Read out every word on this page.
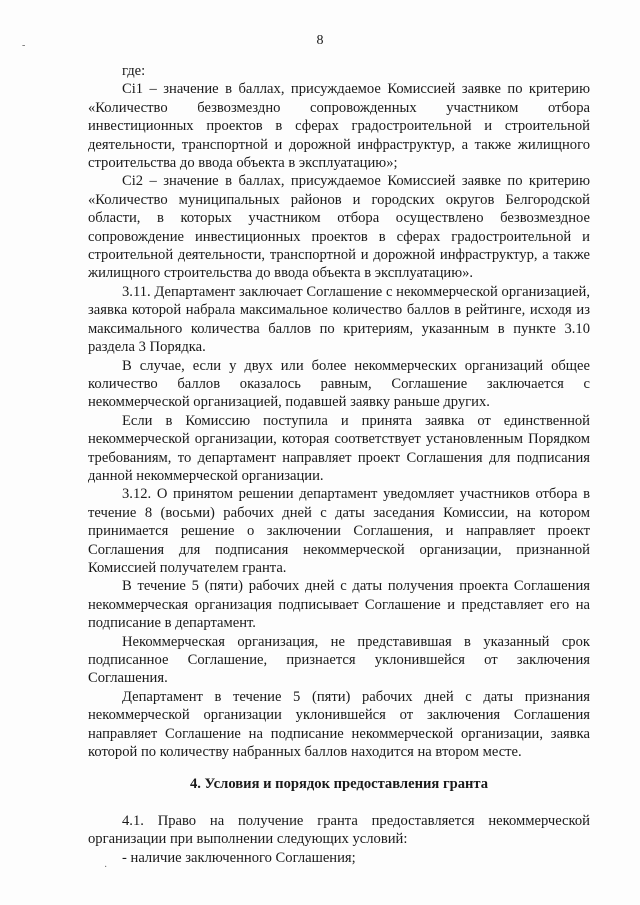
8

где:

Ci1 – значение в баллах, присуждаемое Комиссией заявке по критерию «Количество безвозмездно сопровожденных участником отбора инвестиционных проектов в сферах градостроительной и строительной деятельности, транспортной и дорожной инфраструктур, а также жилищного строительства до ввода объекта в эксплуатацию»;

Ci2 – значение в баллах, присуждаемое Комиссией заявке по критерию «Количество муниципальных районов и городских округов Белгородской области, в которых участником отбора осуществлено безвозмездное сопровождение инвестиционных проектов в сферах градостроительной и строительной деятельности, транспортной и дорожной инфраструктур, а также жилищного строительства до ввода объекта в эксплуатацию».

3.11. Департамент заключает Соглашение с некоммерческой организацией, заявка которой набрала максимальное количество баллов в рейтинге, исходя из максимального количества баллов по критериям, указанным в пункте 3.10 раздела 3 Порядка.

В случае, если у двух или более некоммерческих организаций общее количество баллов оказалось равным, Соглашение заключается с некоммерческой организацией, подавшей заявку раньше других.

Если в Комиссию поступила и принята заявка от единственной некоммерческой организации, которая соответствует установленным Порядком требованиям, то департамент направляет проект Соглашения для подписания данной некоммерческой организации.

3.12. О принятом решении департамент уведомляет участников отбора в течение 8 (восьми) рабочих дней с даты заседания Комиссии, на котором принимается решение о заключении Соглашения, и направляет проект Соглашения для подписания некоммерческой организации, признанной Комиссией получателем гранта.

В течение 5 (пяти) рабочих дней с даты получения проекта Соглашения некоммерческая организация подписывает Соглашение и представляет его на подписание в департамент.

Некоммерческая организация, не представившая в указанный срок подписанное Соглашение, признается уклонившейся от заключения Соглашения.

Департамент в течение 5 (пяти) рабочих дней с даты признания некоммерческой организации уклонившейся от заключения Соглашения направляет Соглашение на подписание некоммерческой организации, заявка которой по количеству набранных баллов находится на втором месте.

4. Условия и порядок предоставления гранта

4.1. Право на получение гранта предоставляется некоммерческой организации при выполнении следующих условий:

- наличие заключенного Соглашения;

-
·
